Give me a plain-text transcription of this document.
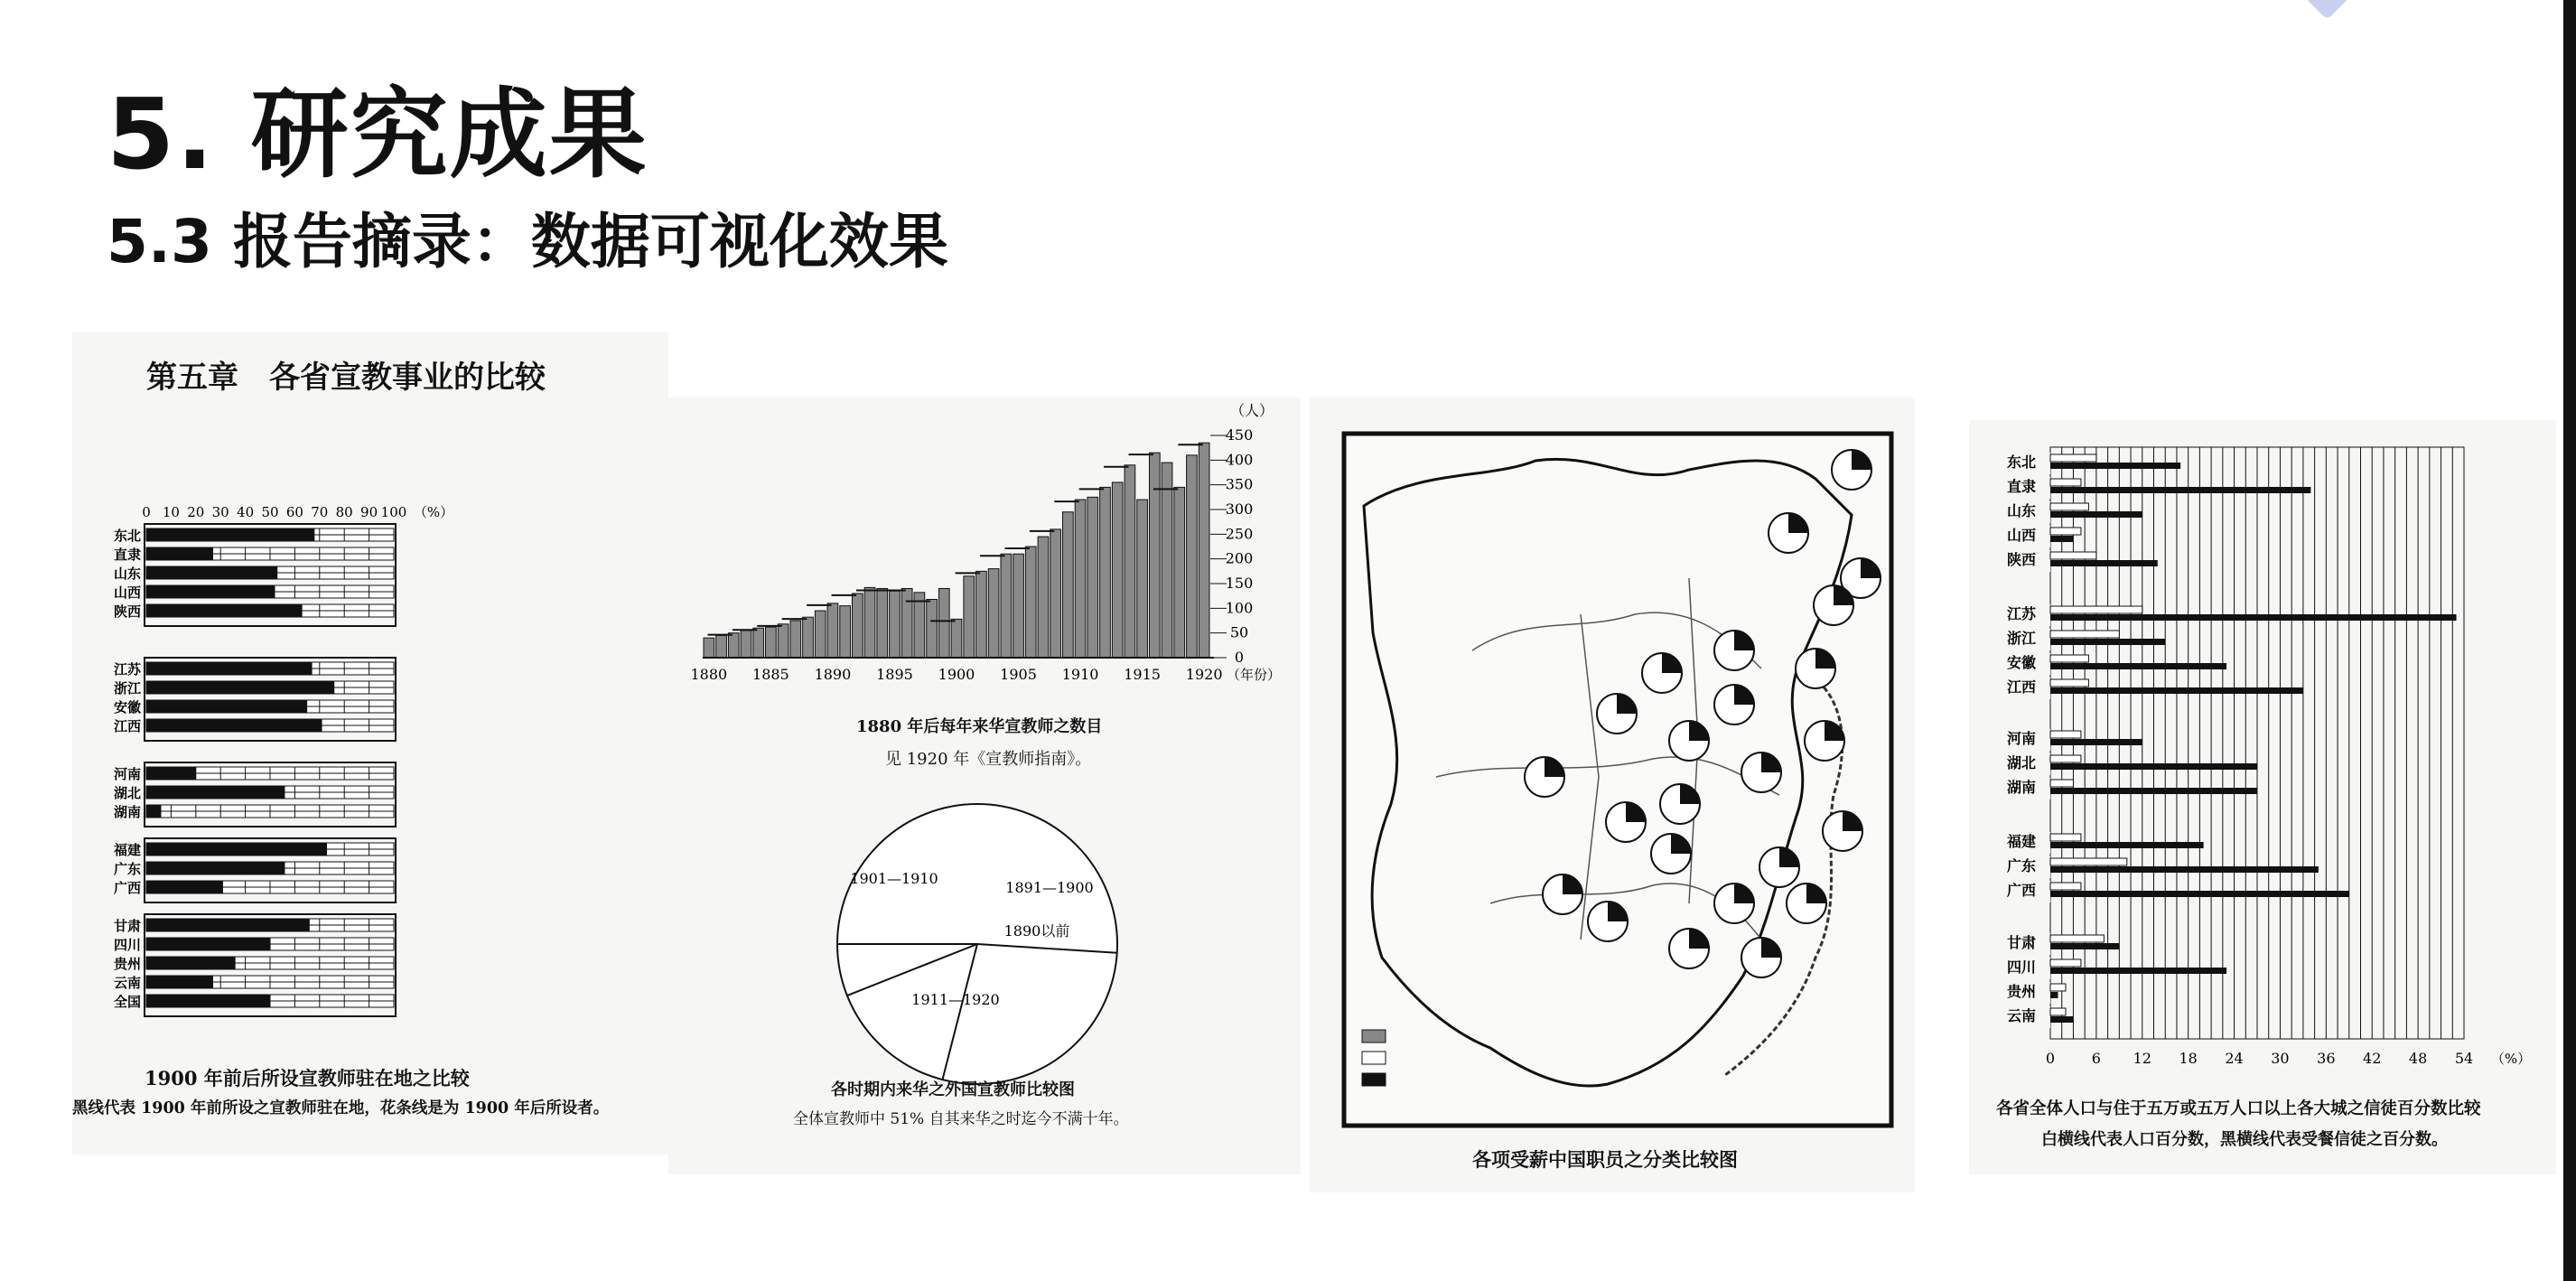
5. 研究成果
5.3 报告摘录：数据可视化效果
第五章　各省宣教事业的比较
0 10 20 30 40 50 60 70 80 90 100 （%）
东北
直隶
山东
山西
陕西
江苏
浙江
安徽
江西
河南
湖北
湖南
福建
广东
广西
甘肃
四川
贵州
云南
全国
1900 年前后所设宣教师驻在地之比较
黑线代表 1900 年前所设之宣教师驻在地，花条线是为 1900 年后所设者。
（人）
450
400
350
300
250
200
150
100
50
0
1880 1885 1890 1895 1900 1905 1910 1915 1920 （年份）
1901—1910
1891—1900
1890以前
1911—1920
1880 年后每年来华宣教师之数目
见 1920 年《宣教师指南》。
各时期内来华之外国宣教师比较图
全体宣教师中 51% 自其来华之时迄今不满十年。
各项受薪中国职员之分类比较图
0	6 12 18 24 30 36 42 48 54 （%）
东北
直隶
山东
山西
陕西
江苏
浙江
安徽
江西
河南
湖北
湖南
福建
广东
广西
甘肃
四川
贵州
云南
各省全体人口与住于五万或五万人口以上各大城之信徒百分数比较
白横线代表人口百分数，黑横线代表受餐信徒之百分数。
